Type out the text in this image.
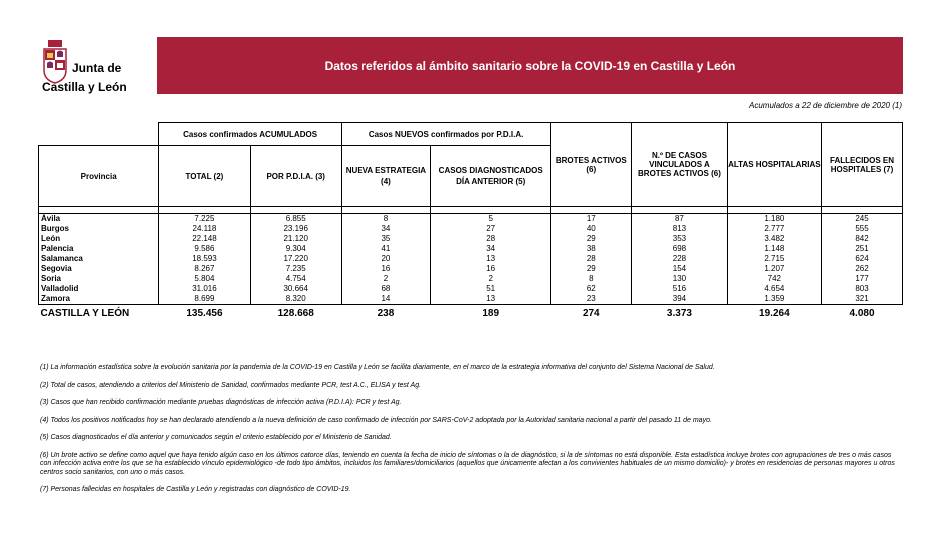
Junta de
Castilla y León
Datos referidos al ámbito sanitario sobre la COVID-19 en Castilla y León
Acumulados a 22 de diciembre de 2020 (1)
	Casos confirmados ACUMULADOS		Casos NUEVOS confirmados por P.D.I.A.		BROTES ACTIVOS (6)	N.º DE CASOS VINCULADOS A BROTES ACTIVOS (6)	ALTAS HOSPITALARIAS	FALLECIDOS EN HOSPITALES (7)
Provincia	TOTAL (2)	POR P.D.I.A. (3)	NUEVA ESTRATEGIA (4)	CASOS DIAGNOSTICADOS DÍA ANTERIOR (5)				

Ávila	7.225	6.855	8	5	17	87	1.180	245
Burgos	24.118	23.196	34	27	40	813	2.777	555
León	22.148	21.120	35	28	29	353	3.482	842
Palencia	9.586	9.304	41	34	38	698	1.148	251
Salamanca	18.593	17.220	20	13	28	228	2.715	624
Segovia	8.267	7.235	16	16	29	154	1.207	262
Soria	5.804	4.754	2	2	8	130	742	177
Valladolid	31.016	30.664	68	51	62	516	4.654	803
Zamora	8.699	8.320	14	13	23	394	1.359	321
CASTILLA Y LEÓN	135.456	128.668	238	189	274	3.373	19.264	4.080

(1) La información estadística sobre la evolución sanitaria por la pandemia de la COVID-19 en Castilla y León se facilita diariamente, en el marco de la estrategia informativa del conjunto del Sistema Nacional de Salud.

(2) Total de casos, atendiendo a criterios del Ministerio de Sanidad, confirmados mediante PCR, test A.C., ELISA y test Ag.

(3) Casos que han recibido confirmación mediante pruebas diagnósticas de infección activa (P.D.I.A): PCR y test Ag.

(4) Todos los positivos notificados hoy se han declarado atendiendo a la nueva definición de caso confirmado de infección por SARS-CoV-2 adoptada por la Autoridad sanitaria nacional a partir del pasado 11 de mayo.

(5) Casos diagnosticados el día anterior y comunicados según el criterio establecido por el Ministerio de Sanidad.

(6) Un brote activo se define como aquel que haya tenido algún caso en los últimos catorce días, teniendo en cuenta la fecha de inicio de síntomas o la de diagnóstico, si la de síntomas no está disponible. Esta estadística incluye brotes con agrupaciones de tres o más casos con infección activa entre los que se ha establecido vínculo epidemiológico -de todo tipo ámbitos, incluidos los familiares/domiciliarios (aquellos que únicamente afectan a los convivientes habituales de un mismo domicilio)- y brotes en residencias de personas mayores u otros centros socio sanitarios, con uno o más casos.

(7) Personas fallecidas en hospitales de Castilla y León y registradas con diagnóstico de COVID-19.
